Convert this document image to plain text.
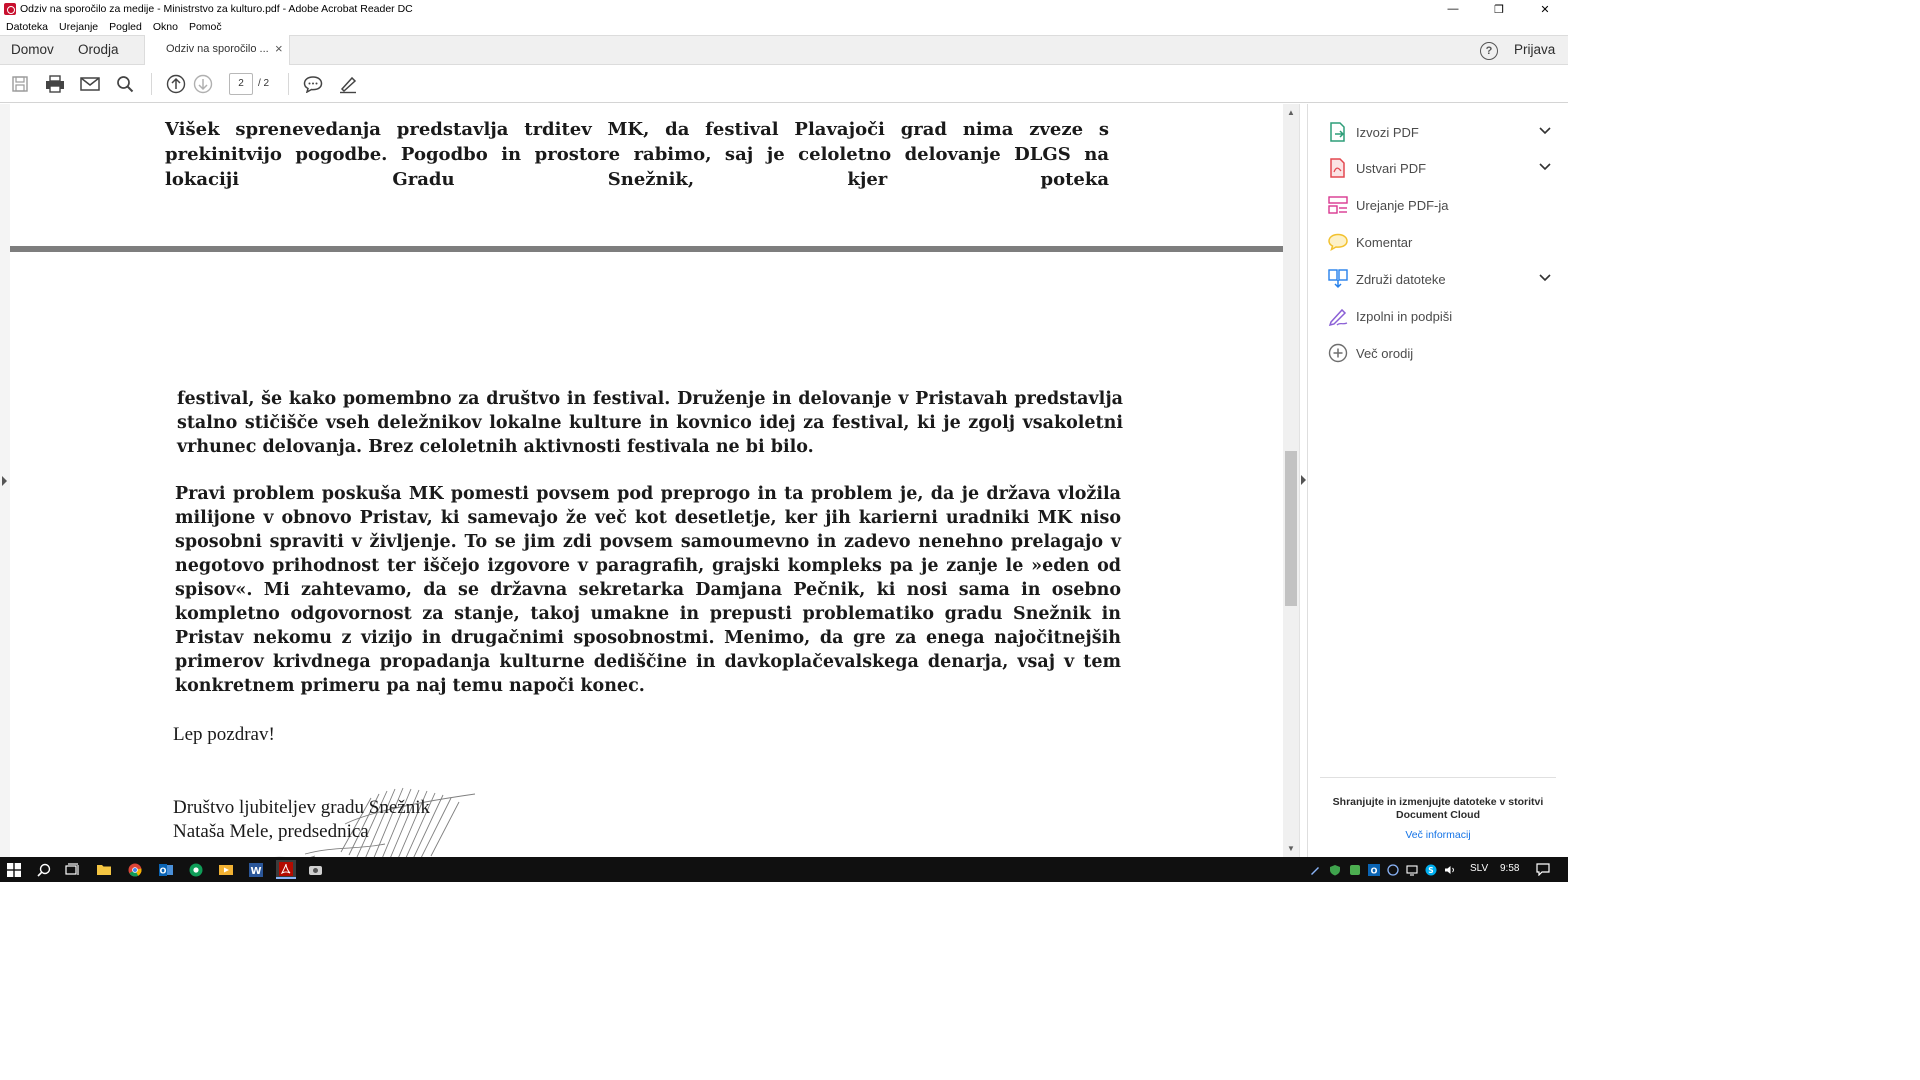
Odziv na sporočilo za medije - Ministrstvo za kulturo.pdf - Adobe Acrobat Reader DC	—	❐	✕
Datoteka Urejanje Pogled Okno Pomoč
Domov Orodja	Odziv na sporočilo ... ×	?	Prijava
2	/ 2
Višek sprenevedanja predstavlja trditev MK, da festival Plavajoči grad nima zveze s prekinitvijo pogodbe. Pogodbo in prostore rabimo, saj je celoletno delovanje DLGS na lokaciji Gradu Snežnik, kjer poteka
festival, še kako pomembno za društvo in festival. Druženje in delovanje v Pristavah predstavlja stalno stičišče vseh deležnikov lokalne kulture in kovnico idej za festival, ki je zgolj vsakoletni vrhunec delovanja. Brez celoletnih aktivnosti festivala ne bi bilo.
Pravi problem poskuša MK pomesti povsem pod preprogo in ta problem je, da je država vložila milijone v obnovo Pristav, ki samevajo že več kot desetletje, ker jih karierni uradniki MK niso sposobni spraviti v življenje. To se jim zdi povsem samoumevno in zadevo nenehno prelagajo v negotovo prihodnost ter iščejo izgovore v paragrafih, grajski kompleks pa je zanje le »eden od spisov«. Mi zahtevamo, da se državna sekretarka Damjana Pečnik, ki nosi sama in osebno kompletno odgovornost za stanje, takoj umakne in prepusti problematiko gradu Snežnik in Pristav nekomu z vizijo in drugačnimi sposobnostmi. Menimo, da gre za enega najočitnejših primerov krivdnega propadanja kulturne dediščine in davkoplačevalskega denarja, vsaj v tem konkretnem primeru pa naj temu napoči konec.
Lep pozdrav!
Društvo ljubiteljev gradu Snežnik
Nataša Mele, predsednica
▲
▼
Izvozi PDF
Ustvari PDF
Urejanje PDF-ja
Komentar
Združi datoteke
Izpolni in podpiši
Več orodij
Shranjujte in izmenjujte datoteke v storitvi Document Cloud
Več informacij
O	W	O	S	SLV 9:58
